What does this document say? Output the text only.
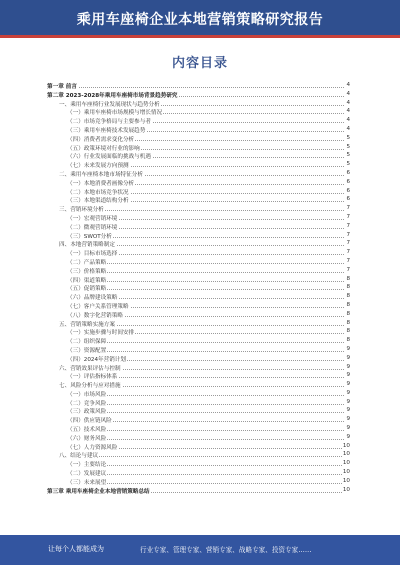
乘用车座椅企业本地营销策略研究报告
内容目录
第一章 前言	4
第二章 2023-2028年乘用车座椅市场背景趋势研究	4
一、乘用车座椅行业发展现状与趋势分析	4
（一）乘用车座椅市场规模与增长情况	4
（二）市场竞争格局与主要参与者	4
（三）乘用车座椅技术发展趋势	4
（四）消费者需求变化分析	5
（五）政策环境对行业的影响	5
（六）行业发展面临的挑战与机遇	5
（七）未来发展方向预测	5
二、乘用车座椅本地市场特征分析	6
（一）本地消费者画像分析	6
（二）本地市场竞争状况	6
（三）本地渠道结构分析	6
三、营销环境分析	7
（一）宏观营销环境	7
（二）微观营销环境	7
（三）SWOT分析	7
四、本地营销策略制定	7
（一）目标市场选择	7
（二）产品策略	7
（三）价格策略	7
（四）渠道策略	8
（五）促销策略	8
（六）品牌建设策略	8
（七）客户关系管理策略	8
（八）数字化营销策略	8
五、营销策略实施方案	8
（一）实施步骤与时间安排	8
（二）组织保障	8
（三）资源配置	9
（四）2024年营销计划	9
六、营销效果评估与控制	9
（一）评估指标体系	9
七、风险分析与应对措施	9
（一）市场风险	9
（二）竞争风险	9
（三）政策风险	9
（四）供应链风险	9
（五）技术风险	9
（六）财务风险	9
（七）人力资源风险	10
八、结论与建议	10
（一）主要结论	10
（二）发展建议	10
（三）未来展望	10
第三章 乘用车座椅企业本地营销策略总结	10
让每个人都能成为	行业专家、管理专家、营销专家、战略专家、投资专家……
